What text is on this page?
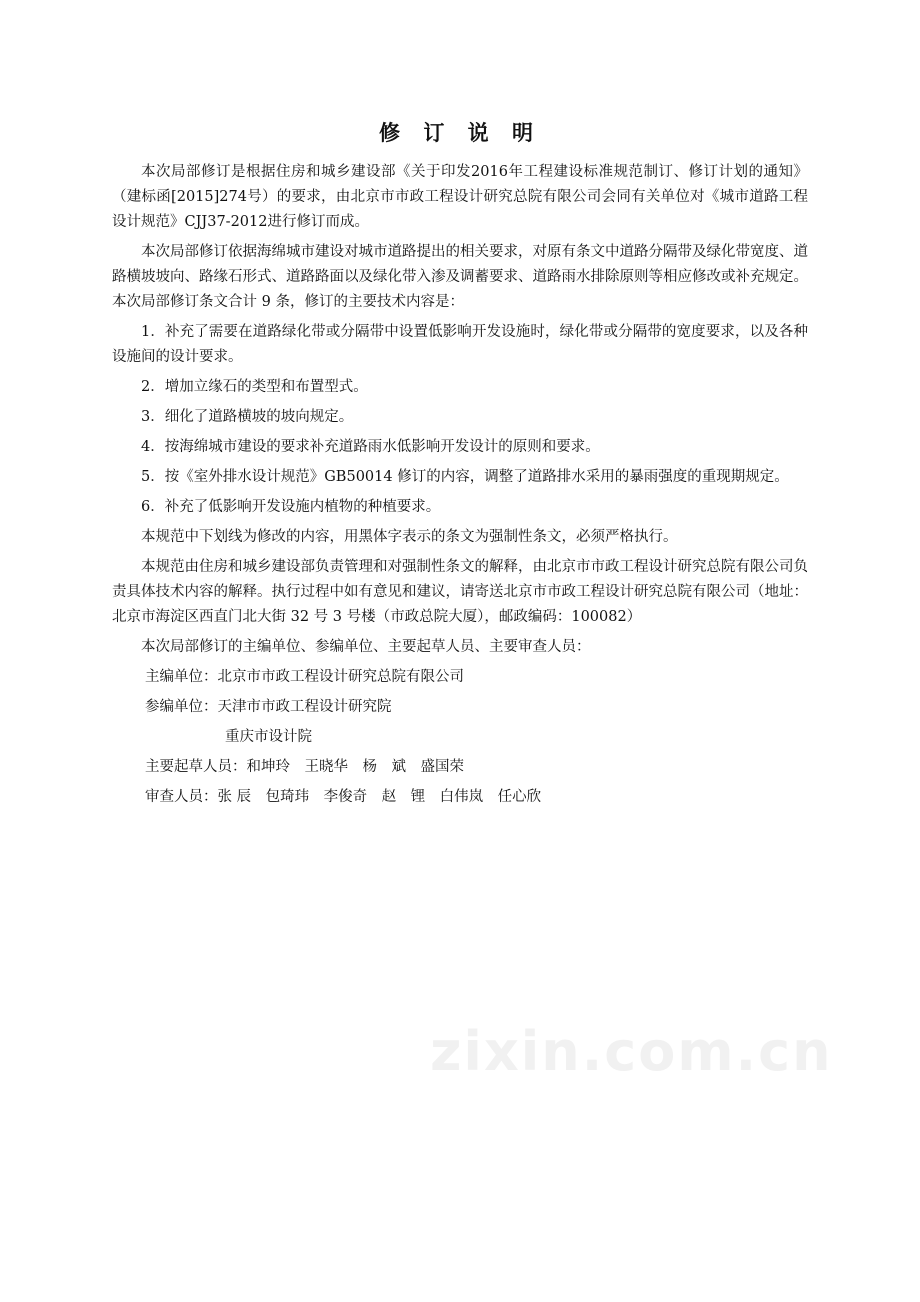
修 订 说 明

本次局部修订是根据住房和城乡建设部《关于印发2016年工程建设标准规范制订、修订计划的通知》（建标函[2015]274号）的要求，由北京市市政工程设计研究总院有限公司会同有关单位对《城市道路工程设计规范》CJJ37-2012进行修订而成。

本次局部修订依据海绵城市建设对城市道路提出的相关要求，对原有条文中道路分隔带及绿化带宽度、道路横坡坡向、路缘石形式、道路路面以及绿化带入渗及调蓄要求、道路雨水排除原则等相应修改或补充规定。本次局部修订条文合计 9 条，修订的主要技术内容是：

1．补充了需要在道路绿化带或分隔带中设置低影响开发设施时，绿化带或分隔带的宽度要求，以及各种设施间的设计要求。

2．增加立缘石的类型和布置型式。

3．细化了道路横坡的坡向规定。

4．按海绵城市建设的要求补充道路雨水低影响开发设计的原则和要求。

5．按《室外排水设计规范》GB50014 修订的内容，调整了道路排水采用的暴雨强度的重现期规定。

6．补充了低影响开发设施内植物的种植要求。

本规范中下划线为修改的内容，用黑体字表示的条文为强制性条文，必须严格执行。

本规范由住房和城乡建设部负责管理和对强制性条文的解释，由北京市市政工程设计研究总院有限公司负责具体技术内容的解释。执行过程中如有意见和建议，请寄送北京市市政工程设计研究总院有限公司（地址：北京市海淀区西直门北大街 32 号 3 号楼（市政总院大厦），邮政编码：100082）

本次局部修订的主编单位、参编单位、主要起草人员、主要审查人员：

主编单位：北京市市政工程设计研究总院有限公司

参编单位：天津市市政工程设计研究院

重庆市设计院

主要起草人员：和坤玲　王晓华　杨　斌　盛国荣

审查人员：张 辰　包琦玮　李俊奇　赵　锂　白伟岚　任心欣

zixin.com.cn
